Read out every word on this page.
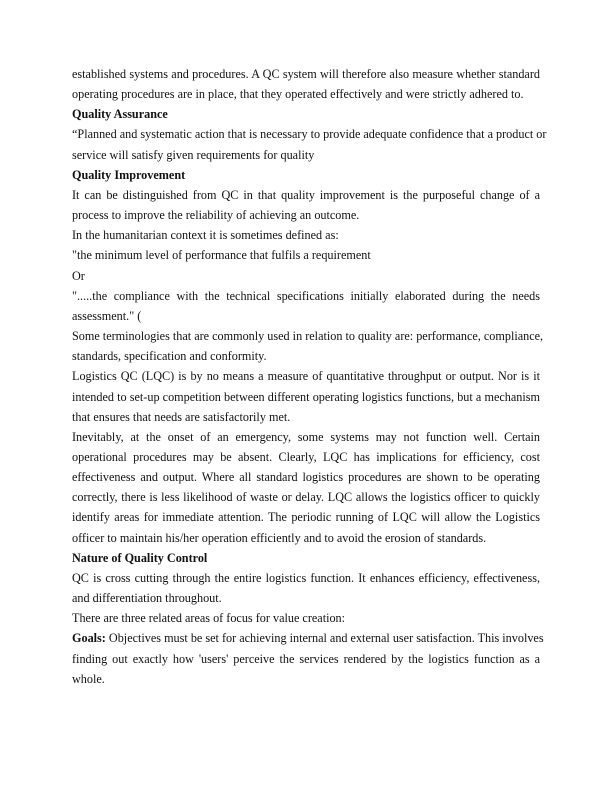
established systems and procedures. A QC system will therefore also measure whether standard
operating procedures are in place, that they operated effectively and were strictly adhered to.
Quality Assurance
“Planned and systematic action that is necessary to provide adequate confidence that a product or
service will satisfy given requirements for quality
Quality Improvement
It can be distinguished from QC in that quality improvement is the purposeful change of a
process to improve the reliability of achieving an outcome.
In the humanitarian context it is sometimes defined as:
"the minimum level of performance that fulfils a requirement
Or
".....the compliance with the technical specifications initially elaborated during the needs
assessment." (
Some terminologies that are commonly used in relation to quality are: performance, compliance,
standards, specification and conformity.
Logistics QC (LQC) is by no means a measure of quantitative throughput or output. Nor is it
intended to set-up competition between different operating logistics functions, but a mechanism
that ensures that needs are satisfactorily met.
Inevitably, at the onset of an emergency, some systems may not function well. Certain
operational procedures may be absent. Clearly, LQC has implications for efficiency, cost
effectiveness and output. Where all standard logistics procedures are shown to be operating
correctly, there is less likelihood of waste or delay. LQC allows the logistics officer to quickly
identify areas for immediate attention. The periodic running of LQC will allow the Logistics
officer to maintain his/her operation efficiently and to avoid the erosion of standards.
Nature of Quality Control
QC is cross cutting through the entire logistics function. It enhances efficiency, effectiveness,
and differentiation throughout.
There are three related areas of focus for value creation:
Goals: Objectives must be set for achieving internal and external user satisfaction. This involves
finding out exactly how 'users' perceive the services rendered by the logistics function as a
whole.
